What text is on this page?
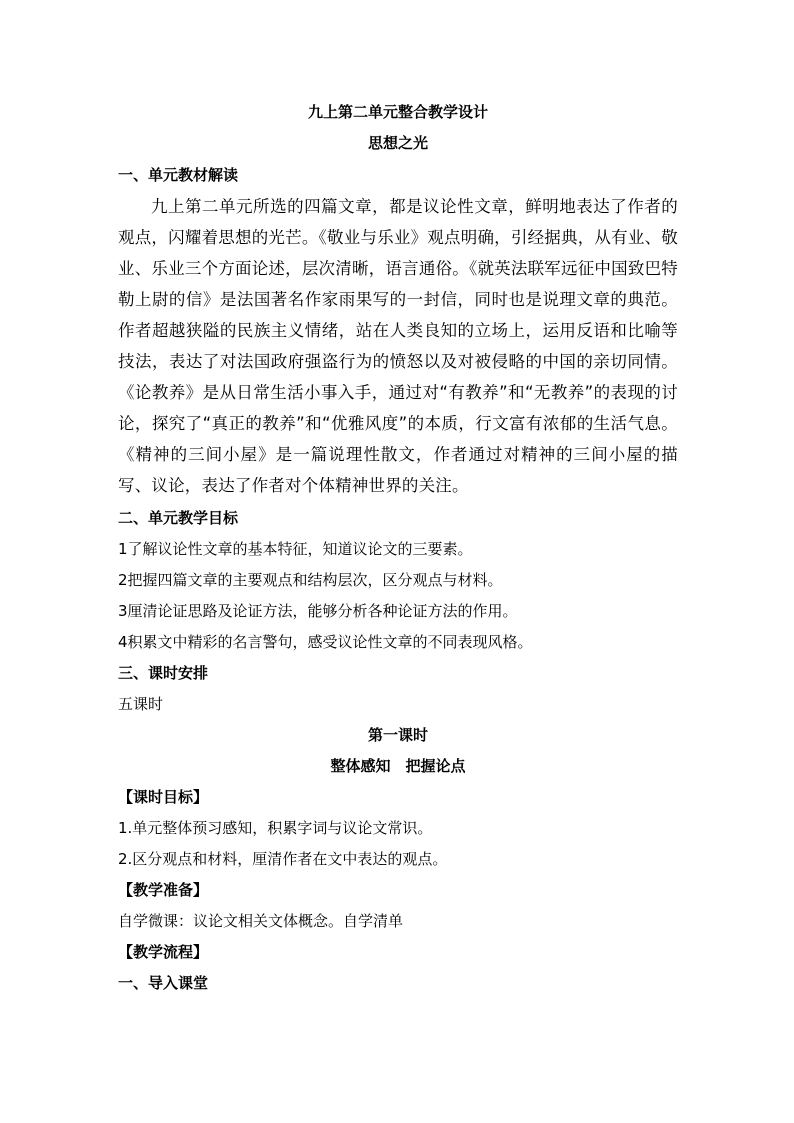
九上第二单元整合教学设计
思想之光
一、单元教材解读
九上第二单元所选的四篇文章，都是议论性文章，鲜明地表达了作者的观点，闪耀着思想的光芒。《敬业与乐业》观点明确，引经据典，从有业、敬业、乐业三个方面论述，层次清晰，语言通俗。《就英法联军远征中国致巴特勒上尉的信》是法国著名作家雨果写的一封信，同时也是说理文章的典范。作者超越狭隘的民族主义情绪，站在人类良知的立场上，运用反语和比喻等技法，表达了对法国政府强盗行为的愤怒以及对被侵略的中国的亲切同情。《论教养》是从日常生活小事入手，通过对“有教养”和“无教养”的表现的讨论，探究了“真正的教养”和“优雅风度”的本质，行文富有浓郁的生活气息。《精神的三间小屋》是一篇说理性散文，作者通过对精神的三间小屋的描写、议论，表达了作者对个体精神世界的关注。
二、单元教学目标
1了解议论性文章的基本特征，知道议论文的三要素。
2把握四篇文章的主要观点和结构层次，区分观点与材料。
3厘清论证思路及论证方法，能够分析各种论证方法的作用。
4积累文中精彩的名言警句，感受议论性文章的不同表现风格。
三、课时安排
五课时
第一课时
整体感知　把握论点
【课时目标】
1.单元整体预习感知，积累字词与议论文常识。
2.区分观点和材料，厘清作者在文中表达的观点。
【教学准备】
自学微课：议论文相关文体概念。自学清单
【教学流程】
一、导入课堂
